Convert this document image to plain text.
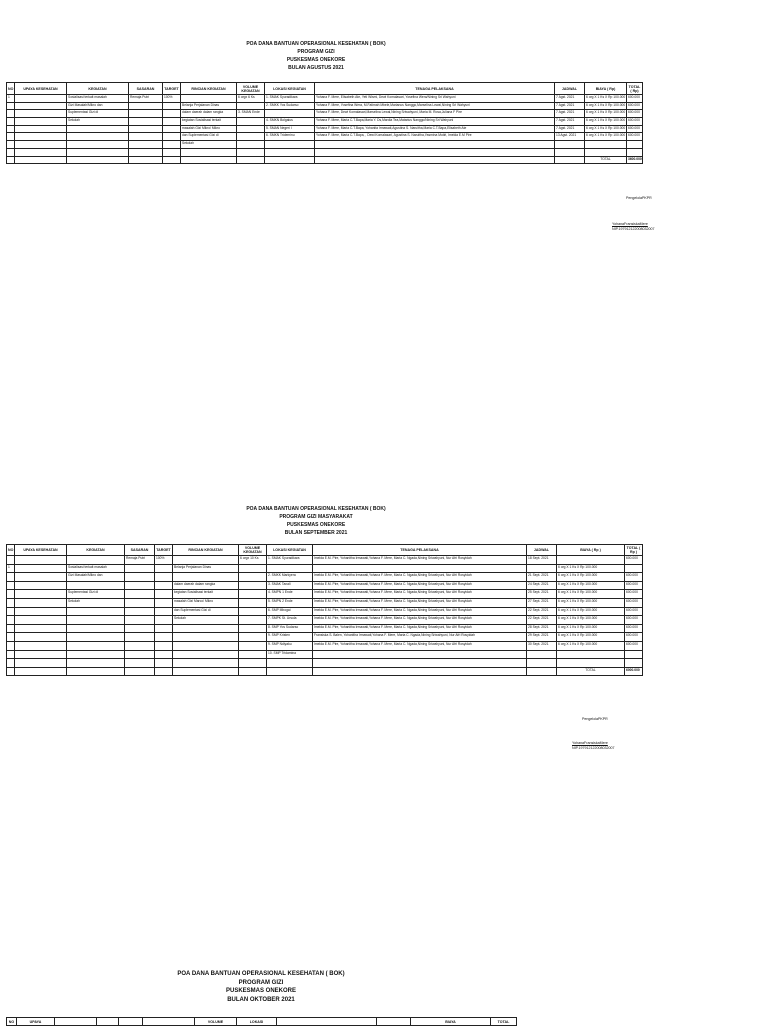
POA DANA BANTUAN OPERASIONAL KESEHATAN ( BOK)
PROGRAM GIZI
PUSKESMAS ONEKORE
BULAN AGUSTUS 2021
NO	UPAYA KESEHATAN	KEGIATAN	SASARAN	TARGET	RINCIAN KEGIATAN	VOLUME KEGIATAN	LOKASI KEGIATAN	TENAGA PELAKSANA	JADWAL	BIAYA ( Rp)	TOTAL ( Rp)
1		Sosialisasi terkait masalah	Remaja Putri	100%		6 orgx 6 Ks	1. SMAK Syuradikara	Yohana F. Mere, Elisabeth Ate, Yeti Wismi, Dewi Komalasari, Yosefina Wera/Nining Sri Wahyuni	7 Agst. 2021	6 org X 1 Ks X Rp 100.000	600.000
		Gizi Masalah/Mikro dan			Belanja Perjalanan Dinas		2. SMKK Yos Sudarso	Yohana F. Mere, Yosefina Wera, M.Fatimah Mbele,Marianus Nanggo,Marselina Lewai,Nining Sri Wahyuni	7 Agst. 2021	6 org X 1 Ks X Rp 100.000	600.000
		Suplementasi Gizi di			dalam daerah dalam rangka	3. SMAN Ende		Yohana F. Mere, Dewi Komalasari,Marselina Lewai,Nining Sriwahyuni, Maria M. Rosa,Juliana F Pire	7 Agst. 2021	6 org X 1 Ks X Rp 100.000	600.000
		Sekolah			kegiatan Sosialisasi terkait		4. SMKN Bolgaius	Yohana F. Mere, Maria C.T.Bapa,Maria Y. Ds,Mardia Tea,Matarius Nanggo/Nining Sri Wahyuni	7 Agst. 2021	6 org X 1 Ks X Rp 100.000	600.000
					masalah Gizi Mikro/ Mikro		5. SMAN Negeri I	Yohana F. Mere, Maria C.T.Bapa, Yohanita Irmawati,Agustina S. Naruitha,Maria C.T.Bapa,Elisabeth Ate	7 Agst. 2021	6 org X 1 Ks X Rp 100.000	600.000
					dan Suplementasi Gizi di		6. SMKN Trideminu	Yohana F. Mere, Maria C.T.Bapa, , Dewi Komalasari, Agustina S. Naruitha,Yasmina Mutiri, Imelda E.M Pire	13 Agst. 2021	6 org X 1 Ks X Rp 100.000	600.000
					Sekolah						

										TOTAL	3600.000
PengelolaPKPR
YohanaFransiskaMere
NIP.197912122008032007
POA DANA BANTUAN OPERASIONAL KESEHATAN ( BOK)
PROGRAM GIZI MASYARAKAT
PUSKESMAS ONEKORE
BULAN SEPTEMBER 2021
NO	UPAYA KESEHATAN	KEGIATAN	SASARAN	TARGET	RINCIAN KEGIATAN	VOLUME KEGIATAN	LOKASI KEGIATAN	TENAGA PELAKSANA	JADWAL	BIAYA ( Rp )	TOTAL ( Rp )
			Remaja Putri	100%		6 orgx 10 Ks	1. SMAK Syuradikara	Imelda E.M. Pire, Yohanitha Irmawati,Yohana F. Mere, Maria C. Ngada,Nining Sriwahyuni, Nur Afri Rosyidah	18 Sept. 2021		600.000
1		Sosialisasi terkait masalah			Belanja Perjalanan Dinas					6 org X 1 Ks X Rp 100.000	
		Gizi Masalah/Mikro dan					2. SMKK Markyera	Imelda E.M. Pire, Yohanitha Irmawati,Yohana F. Mere, Maria C. Ngada,Nining Sriwahyuni, Nur Afri Rosyidah	21 Sept. 2021	6 org X 1 Ks X Rp 100.000	600.000
					dalam daerah dalam rangka		3. SMAK Tanali	Imelda E.M. Pire, Yohanitha Irmawati,Yohana F. Mere, Maria C. Ngada,Nining Sriwahyuni, Nur Afri Rosyidah	24 Sept. 2021	6 org X 1 Ks X Rp 100.000	600.000
		Suplementasi Gizi di			kegiatan Sosialisasi terkait		4. SMPN 1 Ende	Imelda E.M. Pire, Yohanitha Irmawati,Yohana F. Mere, Maria C. Ngada,Nining Sriwahyuni, Nur Afri Rosyidah	25 Sept. 2021	6 org X 1 Ks X Rp 100.000	600.000
		Sekolah			masalah Gizi Marco/ Mikro		5. SMPN 2 Ende	Imelda E.M. Pire, Yohanitha Irmawati,Yohana F. Mere, Maria C. Ngada,Nining Sriwahyuni, Nur Afri Rosyidah	27 Sept. 2021	6 org X 1 Ks X Rp 100.000	600.000
					dan Suplementasi Gizi di		6. SMP Mbogai	Imelda E.M. Pire, Yohanitha Irmawati,Yohana F. Mere, Maria C. Ngada,Nining Sriwahyuni, Nur Afri Rosyidah	22 Sept. 2021	6 org X 1 Ks X Rp 100.000	600.000
					Sekolah		7. SMPK St. Ursula	Imelda E.M. Pire, Yohanitha Irmawati,Yohana F. Mere, Maria C. Ngada,Nining Sriwahyuni, Nur Afri Rosyidah	22 Sept. 2021	6 org X 1 Ks X Rp 100.000	600.000
							8. SMP Yos Sudarso	Imelda E.M. Pire, Yohanitha Irmawati,Yohana F. Mere, Maria C. Ngada,Nining Sriwahyuni, Nur Afri Rosyidah	28 Sept. 2021	6 org X 1 Ks X Rp 100.000	600.000
							9. SMP Kristen	Fransiska S. Balen, Yohanitha Irmawati,Yohana F. Mere, Maria C. Ngada,Nining Sriwahyuni, Nur Afri Rosyidah	29 Sept. 2021	6 org X 1 Ks X Rp 100.000	600.000
							9. SMP Ndiyaku	Imelda E.M. Pire, Yohanitha Irmawati,Yohana F. Mere, Maria C. Ngada,Nining Sriwahyuni, Nur Afri Rosyidah	30 Sept. 2021	6 org X 1 Ks X Rp 100.000	600.000
							10. SMP Tridamina				

										TOTAL	6000.000
PengelolaPKPR
YohanaFransiskaMere
NIP.197912122008032007
POA DANA BANTUAN OPERASIONAL KESEHATAN ( BOK)
PROGRAM GIZI
PUSKESMAS ONEKORE
BULAN OKTOBER 2021
NO	UPAYA					VOLUME	LOKASI			BIAYA	TOTAL
